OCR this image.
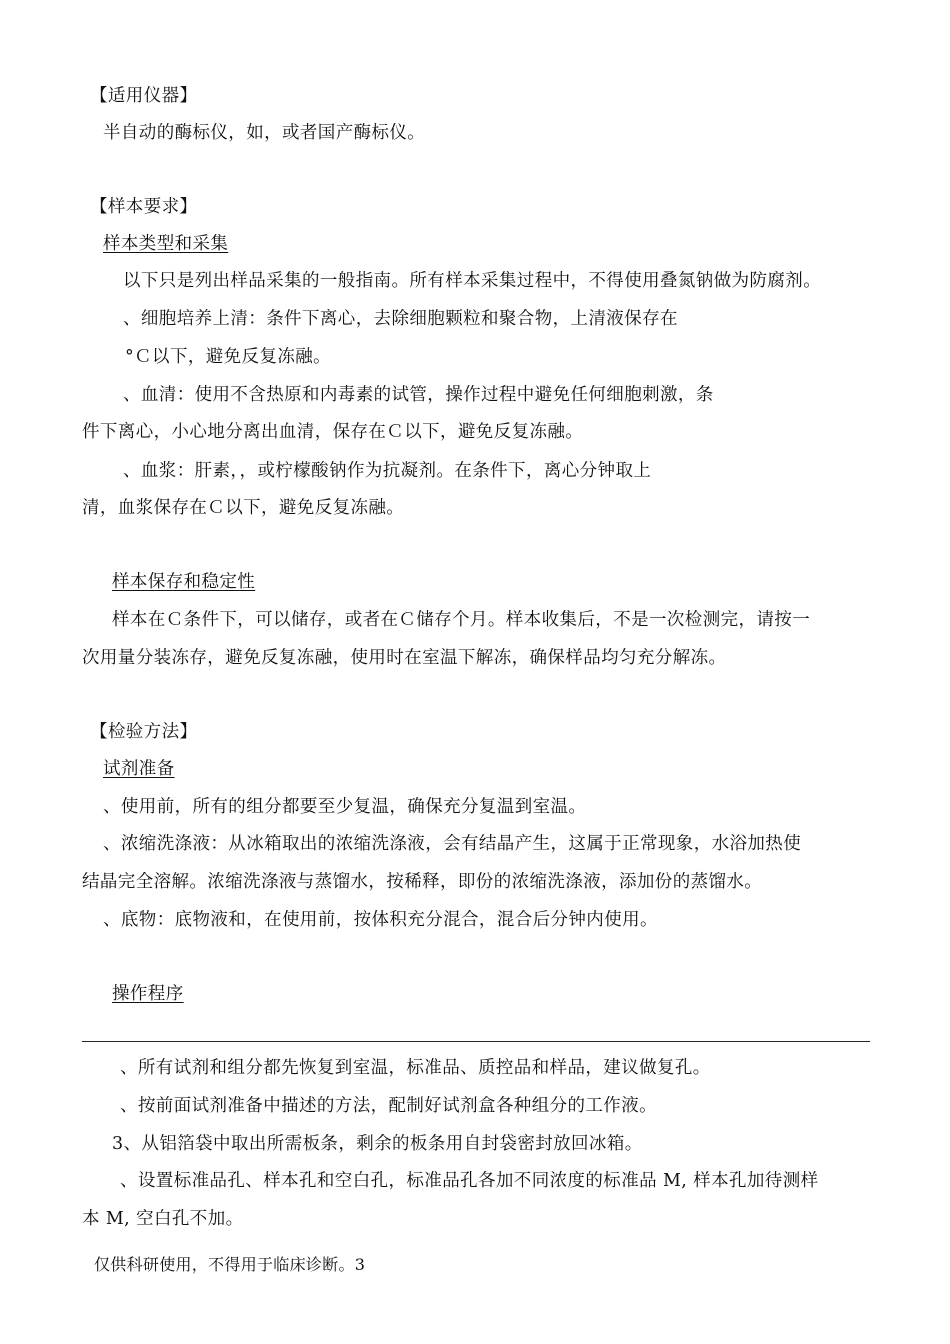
【适用仪器】
半自动的酶标仪，如，或者国产酶标仪。
【样本要求】
样本类型和采集
以下只是列出样品采集的一般指南。所有样本采集过程中，不得使用叠氮钠做为防腐剂。
、细胞培养上清：条件下离心，去除细胞颗粒和聚合物，上清液保存在
°Ｃ以下，避免反复冻融。
、血清：使用不含热原和内毒素的试管，操作过程中避免任何细胞刺激，条
件下离心，小心地分离出血清，保存在Ｃ以下，避免反复冻融。
、血浆：肝素，，或柠檬酸钠作为抗凝剂。在条件下，离心分钟取上
清，血浆保存在Ｃ以下，避免反复冻融。
样本保存和稳定性
样本在Ｃ条件下，可以储存，或者在Ｃ储存个月。样本收集后，不是一次检测完，请按一
次用量分装冻存，避免反复冻融，使用时在室温下解冻，确保样品均匀充分解冻。
【检验方法】
试剂准备
、使用前，所有的组分都要至少复温，确保充分复温到室温。
、浓缩洗涤液：从冰箱取出的浓缩洗涤液，会有结晶产生，这属于正常现象，水浴加热使
结晶完全溶解。浓缩洗涤液与蒸馏水，按稀释，即份的浓缩洗涤液，添加份的蒸馏水。
、底物：底物液和，在使用前，按体积充分混合，混合后分钟内使用。
操作程序
、所有试剂和组分都先恢复到室温，标准品、质控品和样品，建议做复孔。
、按前面试剂准备中描述的方法，配制好试剂盒各种组分的工作液。
3、从铝箔袋中取出所需板条，剩余的板条用自封袋密封放回冰箱。
、设置标准品孔、样本孔和空白孔，标准品孔各加不同浓度的标准品 M, 样本孔加待测样
本 M, 空白孔不加。
仅供科研使用，不得用于临床诊断。3
